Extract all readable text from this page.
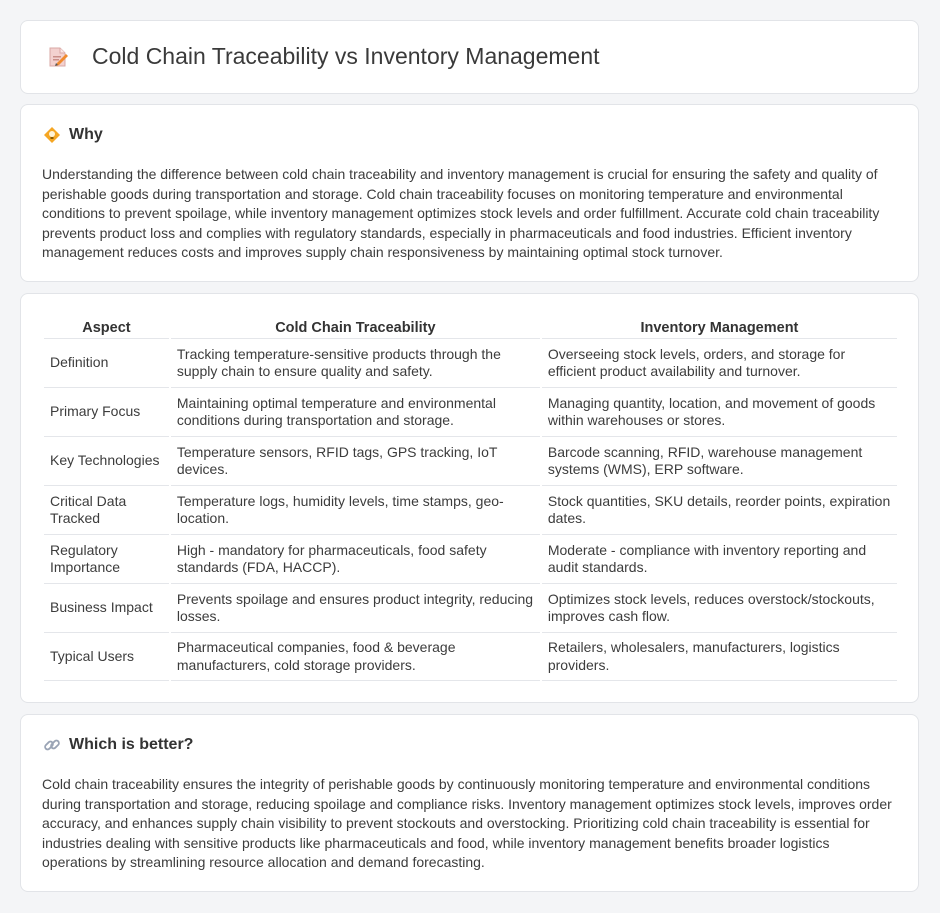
Cold Chain Traceability vs Inventory Management
Why

Understanding the difference between cold chain traceability and inventory management is crucial for ensuring the safety and quality of perishable goods during transportation and storage. Cold chain traceability focuses on monitoring temperature and environmental conditions to prevent spoilage, while inventory management optimizes stock levels and order fulfillment. Accurate cold chain traceability prevents product loss and complies with regulatory standards, especially in pharmaceuticals and food industries. Efficient inventory management reduces costs and improves supply chain responsiveness by maintaining optimal stock turnover.

Aspect	Cold Chain Traceability	Inventory Management
Definition	Tracking temperature-sensitive products through the supply chain to ensure quality and safety.	Overseeing stock levels, orders, and storage for efficient product availability and turnover.
Primary Focus	Maintaining optimal temperature and environmental conditions during transportation and storage.	Managing quantity, location, and movement of goods within warehouses or stores.
Key Technologies	Temperature sensors, RFID tags, GPS tracking, IoT devices.	Barcode scanning, RFID, warehouse management systems (WMS), ERP software.
Critical Data Tracked	Temperature logs, humidity levels, time stamps, geo-location.	Stock quantities, SKU details, reorder points, expiration dates.
Regulatory Importance	High - mandatory for pharmaceuticals, food safety standards (FDA, HACCP).	Moderate - compliance with inventory reporting and audit standards.
Business Impact	Prevents spoilage and ensures product integrity, reducing losses.	Optimizes stock levels, reduces overstock/stockouts, improves cash flow.
Typical Users	Pharmaceutical companies, food & beverage manufacturers, cold storage providers.	Retailers, wholesalers, manufacturers, logistics providers.
Which is better?

Cold chain traceability ensures the integrity of perishable goods by continuously monitoring temperature and environmental conditions during transportation and storage, reducing spoilage and compliance risks. Inventory management optimizes stock levels, improves order accuracy, and enhances supply chain visibility to prevent stockouts and overstocking. Prioritizing cold chain traceability is essential for industries dealing with sensitive products like pharmaceuticals and food, while inventory management benefits broader logistics operations by streamlining resource allocation and demand forecasting.
